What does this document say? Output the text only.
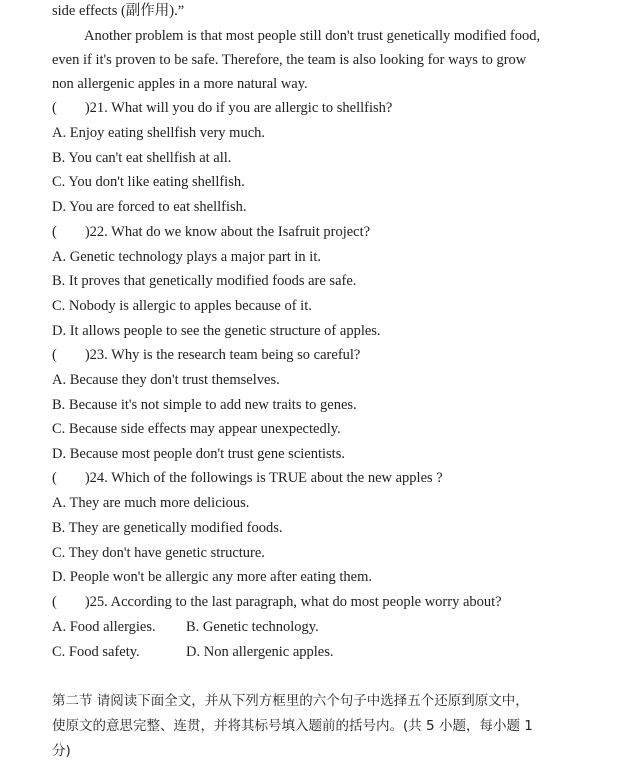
side effects (副作用).”
Another problem is that most people still don't trust genetically modified food,
even if it's proven to be safe. Therefore, the team is also looking for ways to grow
non allergenic apples in a more natural way.
( )21. What will you do if you are allergic to shellfish?
A. Enjoy eating shellfish very much.
B. You can't eat shellfish at all.
C. You don't like eating shellfish.
D. You are forced to eat shellfish.
( )22. What do we know about the Isafruit project?
A. Genetic technology plays a major part in it.
B. It proves that genetically modified foods are safe.
C. Nobody is allergic to apples because of it.
D. It allows people to see the genetic structure of apples.
( )23. Why is the research team being so careful?
A. Because they don't trust themselves.
B. Because it's not simple to add new traits to genes.
C. Because side effects may appear unexpectedly.
D. Because most people don't trust gene scientists.
( )24. Which of the followings is TRUE about the new apples ?
A. They are much more delicious.
B. They are genetically modified foods.
C. They don't have genetic structure.
D. People won't be allergic any more after eating them.
( )25. According to the last paragraph, what do most people worry about?
A. Food allergies. B. Genetic technology.
C. Food safety.	D. Non allergenic apples.
第二节 请阅读下面全文，并从下列方框里的六个句子中选择五个还原到原文中，
使原文的意思完整、连贯，并将其标号填入题前的括号内。(共 5 小题，每小题 1
分)
